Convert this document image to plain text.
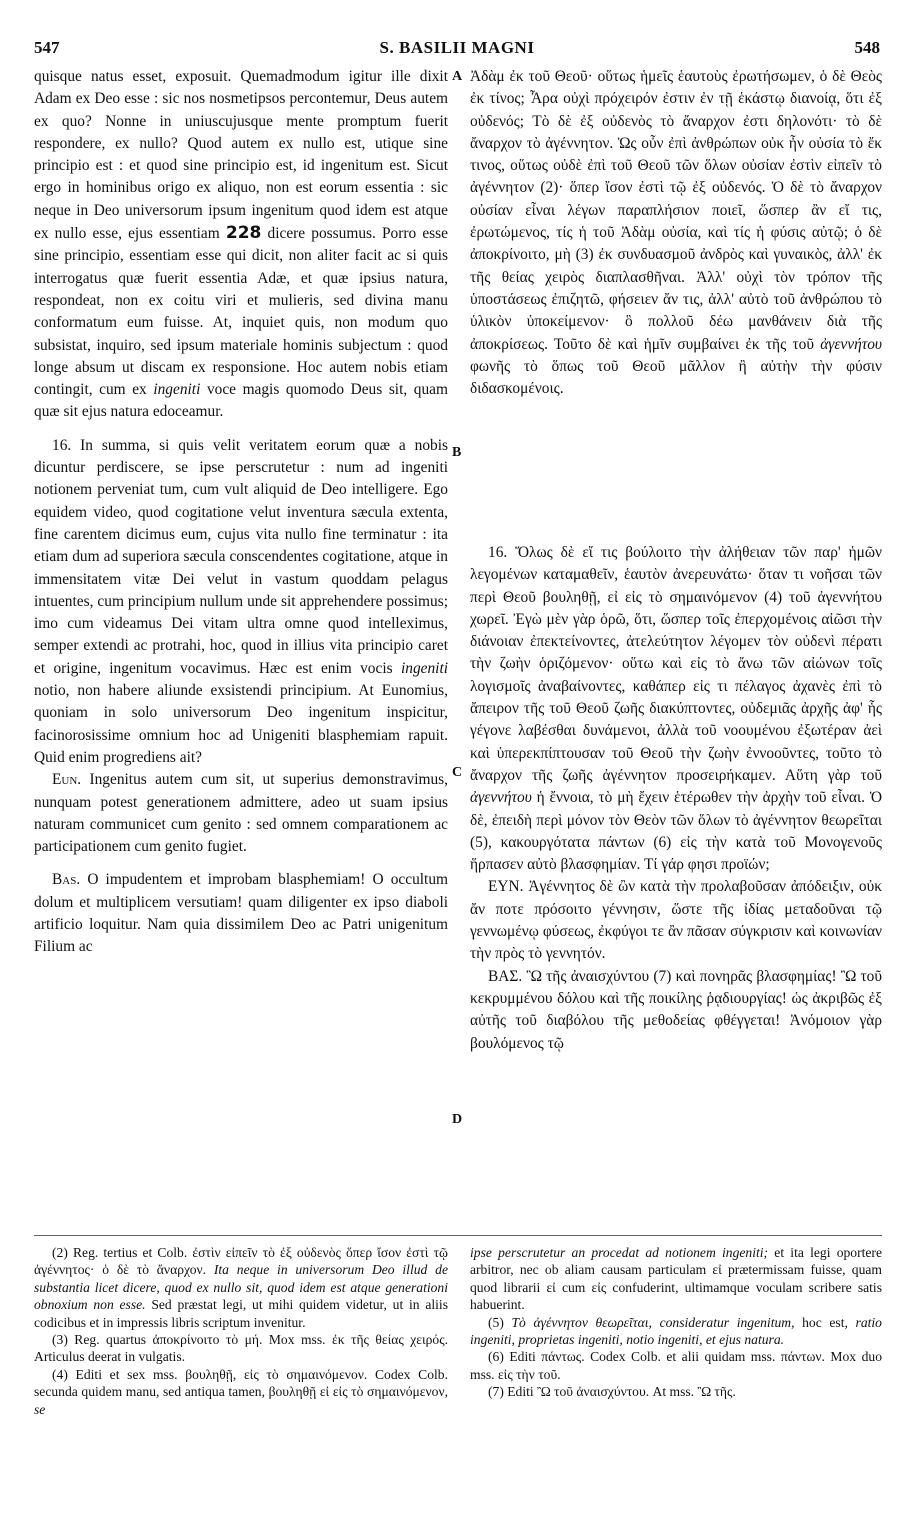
547	S. BASILII MAGNI	548

quisque natus esset, exposuit. Quemadmodum igitur ille dixit Adam ex Deo esse : sic nos nosmetipsos percontemur, Deus autem ex quo? Nonne in uniuscujusque mente promptum fuerit respondere, ex nullo? Quod autem ex nullo est, utique sine principio est : et quod sine principio est, id ingenitum est. Sicut ergo in hominibus origo ex aliquo, non est eorum essentia : sic neque in Deo universorum ipsum ingenitum quod idem est atque ex nullo esse, ejus essentiam 228 dicere possumus. Porro esse sine principio, essentiam esse qui dicit, non aliter facit ac si quis interrogatus quæ fuerit essentia Adæ, et quæ ipsius natura, respondeat, non ex coitu viri et mulieris, sed divina manu conformatum eum fuisse. At, inquiet quis, non modum quo subsistat, inquiro, sed ipsum materiale hominis subjectum : quod longe absum ut discam ex responsione. Hoc autem nobis etiam contingit, cum ex ingeniti voce magis quomodo Deus sit, quam quæ sit ejus natura edoceamur.

16. In summa, si quis velit veritatem eorum quæ a nobis dicuntur perdiscere, se ipse perscrutetur : num ad ingeniti notionem perveniat tum, cum vult aliquid de Deo intelligere. Ego equidem video, quod cogitatione velut inventura sæcula extenta, fine carentem dicimus eum, cujus vita nullo fine terminatur : ita etiam dum ad superiora sæcula conscendentes cogitatione, atque in immensitatem vitæ Dei velut in vastum quoddam pelagus intuentes, cum principium nullum unde sit apprehendere possimus; imo cum videamus Dei vitam ultra omne quod intelleximus, semper extendi ac protrahi, hoc, quod in illius vita principio caret et origine, ingenitum vocavimus. Hæc est enim vocis ingeniti notio, non habere aliunde exsistendi principium. At Eunomius, quoniam in solo universorum Deo ingenitum inspicitur, facinorosissime omnium hoc ad Unigeniti blasphemiam rapuit. Quid enim progrediens ait?

Eun. Ingenitus autem cum sit, ut superius demonstravimus, nunquam potest generationem admittere, adeo ut suam ipsius naturam communicet cum genito : sed omnem comparationem ac participationem cum genito fugiet.

Bas. O impudentem et improbam blasphemiam! O occultum dolum et multiplicem versutiam! quam diligenter ex ipso diaboli artificio loquitur. Nam quia dissimilem Deo ac Patri unigenitum Filium ac

Ἀδὰμ ἐκ τοῦ Θεοῦ· οὕτως ἡμεῖς ἑαυτοὺς ἐρωτήσωμεν, ὁ δὲ Θεὸς ἐκ τίνος; Ἆρα οὐχὶ πρόχειρόν ἐστιν ἐν τῇ ἑκάστῳ διανοίᾳ, ὅτι ἐξ οὐδενός; Τὸ δὲ ἐξ οὐδενὸς τὸ ἄναρχον ἐστι δηλονότι· τὸ δὲ ἄναρχον τὸ ἀγέννητον. Ὡς οὖν ἐπὶ ἀνθρώπων οὐκ ἦν οὐσία τὸ ἔκ τινος, οὕτως οὐδὲ ἐπὶ τοῦ Θεοῦ τῶν ὅλων οὐσίαν ἐστὶν εἰπεῖν τὸ ἀγέννητον (2)· ὅπερ ἴσον ἐστὶ τῷ ἐξ οὐδενός. Ὁ δὲ τὸ ἄναρχον οὐσίαν εἶναι λέγων παραπλήσιον ποιεῖ, ὥσπερ ἂν εἴ τις, ἐρωτώμενος, τίς ἡ τοῦ Ἀδὰμ οὐσία, καὶ τίς ἡ φύσις αὐτῷ; ὁ δὲ ἀποκρίνοιτο, μὴ (3) ἐκ συνδυασμοῦ ἀνδρὸς καὶ γυναικὸς, ἀλλ' ἐκ τῆς θείας χειρὸς διαπλασθῆναι. Ἀλλ' οὐχὶ τὸν τρόπον τῆς ὑποστάσεως ἐπιζητῶ, φήσειεν ἄν τις, ἀλλ' αὐτὸ τοῦ ἀνθρώπου τὸ ὑλικὸν ὑποκείμενον· ὃ πολλοῦ δέω μανθάνειν διὰ τῆς ἀποκρίσεως. Τοῦτο δὲ καὶ ἡμῖν συμβαίνει ἐκ τῆς τοῦ ἀγεννήτου φωνῆς τὸ ὅπως τοῦ Θεοῦ μᾶλλον ἢ αὐτὴν τὴν φύσιν διδασκομένοις.

16. Ὅλως δὲ εἴ τις βούλοιτο τὴν ἀλήθειαν τῶν παρ' ἡμῶν λεγομένων καταμαθεῖν, ἑαυτὸν ἀνερευνάτω· ὅταν τι νοῆσαι τῶν περὶ Θεοῦ βουληθῇ, εἰ εἰς τὸ σημαινόμενον (4) τοῦ ἀγεννήτου χωρεῖ. Ἐγὼ μὲν γὰρ ὁρῶ, ὅτι, ὥσπερ τοῖς ἐπερχομένοις αἰῶσι τὴν διάνοιαν ἐπεκτείνοντες, ἀτελεύτητον λέγομεν τὸν οὐδενὶ πέρατι τὴν ζωὴν ὁριζόμενον· οὕτω καὶ εἰς τὸ ἄνω τῶν αἰώνων τοῖς λογισμοῖς ἀναβαίνοντες, καθάπερ εἰς τι πέλαγος ἀχανὲς ἐπὶ τὸ ἄπειρον τῆς τοῦ Θεοῦ ζωῆς διακύπτοντες, οὐδεμιᾶς ἀρχῆς ἀφ' ἧς γέγονε λαβέσθαι δυνάμενοι, ἀλλὰ τοῦ νοουμένου ἐξωτέραν ἀεὶ καὶ ὑπερεκπίπτουσαν τοῦ Θεοῦ τὴν ζωὴν ἐννοοῦντες, τοῦτο τὸ ἄναρχον τῆς ζωῆς ἀγέννητον προσειρήκαμεν. Αὕτη γὰρ τοῦ ἀγεννήτου ἡ ἔννοια, τὸ μὴ ἔχειν ἑτέρωθεν τὴν ἀρχὴν τοῦ εἶναι. Ὁ δὲ, ἐπειδὴ περὶ μόνον τὸν Θεὸν τῶν ὅλων τὸ ἀγέννητον θεωρεῖται (5), κακουργότατα πάντων (6) εἰς τὴν κατὰ τοῦ Μονογενοῦς ἥρπασεν αὐτὸ βλασφημίαν. Τί γάρ φησι προϊών;

ΕΥΝ. Ἀγέννητος δὲ ὢν κατὰ τὴν προλαβοῦσαν ἀπόδειξιν, οὐκ ἄν ποτε πρόσοιτο γέννησιν, ὥστε τῆς ἰδίας μεταδοῦναι τῷ γεννωμένῳ φύσεως, ἐκφύγοι τε ἂν πᾶσαν σύγκρισιν καὶ κοινωνίαν τὴν πρὸς τὸ γεννητόν.

ΒΑΣ. Ὢ τῆς ἀναισχύντου (7) καὶ πονηρᾶς βλασφημίας! Ὢ τοῦ κεκρυμμένου δόλου καὶ τῆς ποικίλης ῥᾳδιουργίας! ὡς ἀκριβῶς ἐξ αὐτῆς τοῦ διαβόλου τῆς μεθοδείας φθέγγεται! Ἀνόμοιον γὰρ βουλόμενος τῷ

A
B
C
D

(2) Reg. tertius et Colb. ἐστὶν εἰπεῖν τὸ ἐξ οὐδενὸς ὅπερ ἴσον ἐστὶ τῷ ἀγέννητος· ὁ δὲ τὸ ἄναρχον. Ita neque in universorum Deo illud de substantia licet dicere, quod ex nullo sit, quod idem est atque generationi obnoxium non esse. Sed præstat legi, ut mihi quidem videtur, ut in aliis codicibus et in impressis libris scriptum invenitur.

(3) Reg. quartus ἀποκρίνοιτο τὸ μή. Mox mss. ἐκ τῆς θείας χειρός. Articulus deerat in vulgatis.

(4) Editi et sex mss. βουληθῇ, εἰς τὸ σημαινόμενον. Codex Colb. secunda quidem manu, sed antiqua tamen, βουληθῇ εἰ εἰς τὸ σημαινόμενον, se

ipse perscrutetur an procedat ad notionem ingeniti; et ita legi oportere arbitror, nec ob aliam causam particulam εἰ prætermissam fuisse, quam quod librarii εἰ cum εἰς confuderint, ultimamque voculam scribere satis habuerint.

(5) Τὸ ἀγέννητον θεωρεῖται, consideratur ingenitum, hoc est, ratio ingeniti, proprietas ingeniti, notio ingeniti, et ejus natura.

(6) Editi πάντως. Codex Colb. et alii quidam mss. πάντων. Mox duo mss. εἰς τὴν τοῦ.

(7) Editi Ὢ τοῦ ἀναισχύντου. At mss. Ὢ τῆς.
